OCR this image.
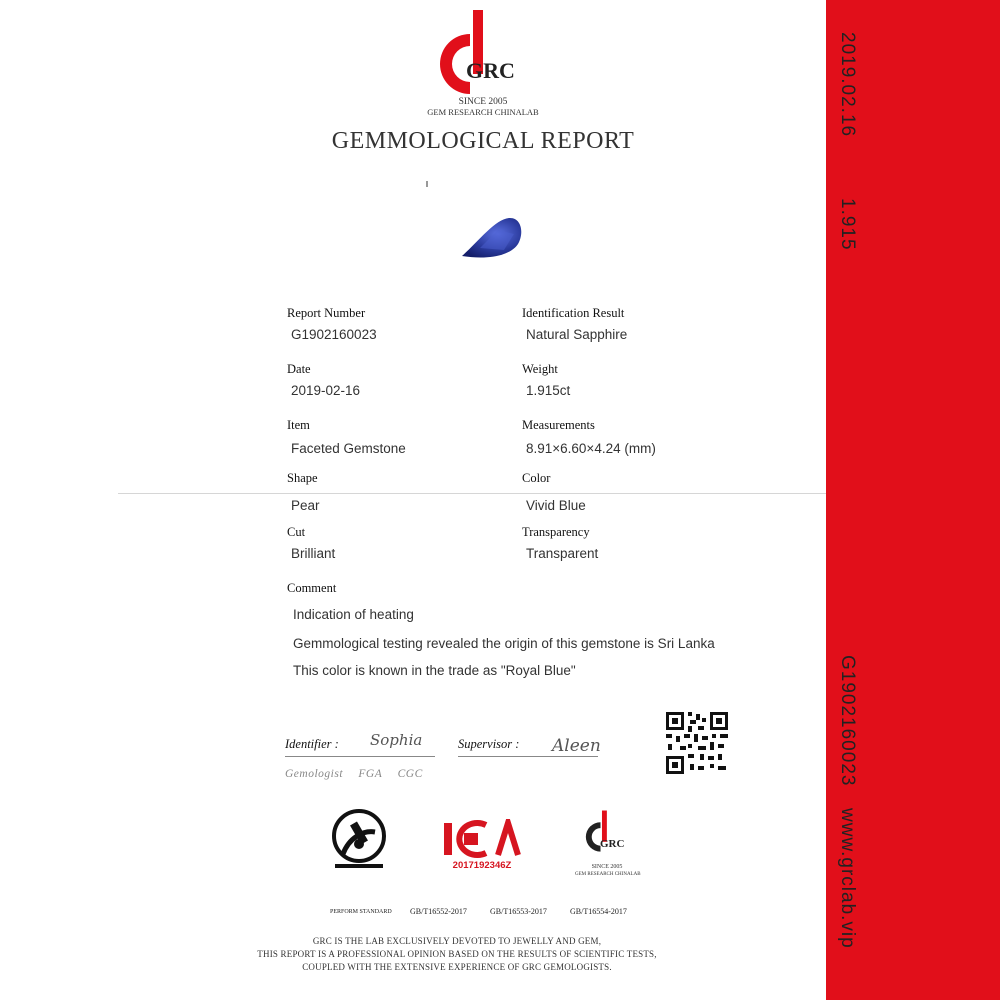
2019.02.16
1.915
G1902160023
www.grclab.vip
GRC
SINCE 2005
GEM RESEARCH CHINALAB
GEMMOLOGICAL REPORT
Report Number
G1902160023
Identification Result
Natural Sapphire
Date
2019-02-16
Weight
1.915ct
Item
Faceted Gemstone
Measurements
8.91×6.60×4.24 (mm)
Shape
Pear
Color
Vivid Blue
Cut
Brilliant
Transparency
Transparent
Comment
Indication of heating
Gemmological testing revealed the origin of this gemstone is Sri Lanka
This color is known in the trade as "Royal Blue"
Identifier : Sophia	Supervisor : Aleen
Gemologist FGA CGC
2017192346Z
GRC
SINCE 2005
GEM RESEARCH CHINALAB
PERFORM STANDARD GB/T16552-2017	GB/T16553-2017	GB/T16554-2017
GRC IS THE LAB EXCLUSIVELY DEVOTED TO JEWELLY AND GEM,
THIS REPORT IS A PROFESSIONAL OPINION BASED ON THE RESULTS OF SCIENTIFIC TESTS,
COUPLED WITH THE EXTENSIVE EXPERIENCE OF GRC GEMOLOGISTS.
